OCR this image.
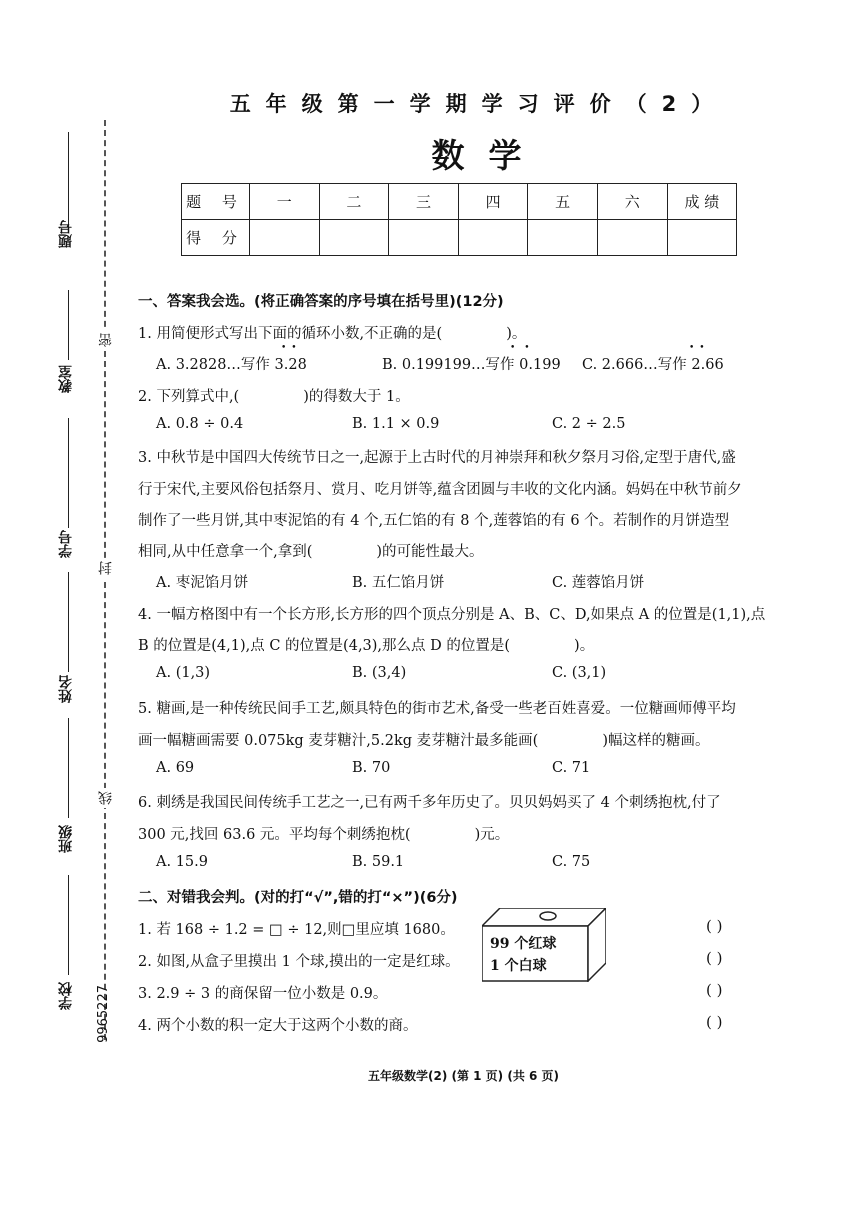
题号
教室
学号
姓名
班级
学校
密
封
线
9965227
五年级第一学期学习评价（2）
数学
题 号	一	二	三	四	五	六	成 绩
得 分							
一、答案我会选。(将正确答案的序号填在括号里)(12分)
1. 用简便形式写出下面的循环小数,不正确的是(	)。
A. 3.2828…写作 3.28	B. 0.199199…写作 0.199 C. 2.666…写作 2.66
••	••	••
2. 下列算式中,(	)的得数大于 1。
A. 0.8 ÷ 0.4	B. 1.1 × 0.9	C. 2 ÷ 2.5
3. 中秋节是中国四大传统节日之一,起源于上古时代的月神崇拜和秋夕祭月习俗,定型于唐代,盛
行于宋代,主要风俗包括祭月、赏月、吃月饼等,蕴含团圆与丰收的文化内涵。妈妈在中秋节前夕
制作了一些月饼,其中枣泥馅的有 4 个,五仁馅的有 8 个,莲蓉馅的有 6 个。若制作的月饼造型
相同,从中任意拿一个,拿到(	)的可能性最大。
A. 枣泥馅月饼	B. 五仁馅月饼	C. 莲蓉馅月饼
4. 一幅方格图中有一个长方形,长方形的四个顶点分别是 A、B、C、D,如果点 A 的位置是(1,1),点
B 的位置是(4,1),点 C 的位置是(4,3),那么点 D 的位置是(	)。
A. (1,3)	B. (3,4)	C. (3,1)
5. 糖画,是一种传统民间手工艺,颇具特色的街市艺术,备受一些老百姓喜爱。一位糖画师傅平均
画一幅糖画需要 0.075kg 麦芽糖汁,5.2kg 麦芽糖汁最多能画(	)幅这样的糖画。
A. 69	B. 70	C. 71
6. 刺绣是我国民间传统手工艺之一,已有两千多年历史了。贝贝妈妈买了 4 个刺绣抱枕,付了
300 元,找回 63.6 元。平均每个刺绣抱枕(	)元。
A. 15.9	B. 59.1	C. 75
二、对错我会判。(对的打“√”,错的打“×”)(6分)
1. 若 168 ÷ 1.2 = □ ÷ 12,则□里应填 1680。
2. 如图,从盒子里摸出 1 个球,摸出的一定是红球。
3. 2.9 ÷ 3 的商保留一位小数是 0.9。
4. 两个小数的积一定大于这两个小数的商。
( )
( )
( )
( )
99 个红球
1 个白球
五年级数学(2) (第 1 页) (共 6 页)
